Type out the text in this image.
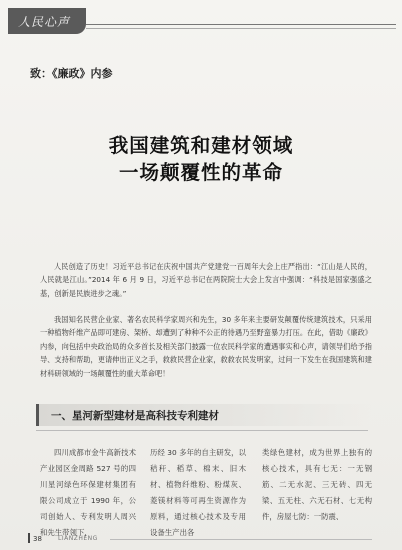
人民心声
致：《廉政》内参
我国建筑和建材领域
一场颠覆性的革命

人民创造了历史！习近平总书记在庆祝中国共产党建党一百周年大会上庄严指出：“江山是人民的，人民就是江山。”2014 年 6 月 9 日，习近平总书记在两院院士大会上发言中强调：“科技是国家强盛之基，创新是民族进步之魂。”

我国知名民营企业家、著名农民科学家周兴和先生，30 多年来主要研发颠覆传统建筑技术，只采用一种植物纤维产品即可建房、架桥、却遭到了种种不公正的待遇乃至野蛮暴力打压。在此，借助《廉政》内参，向包括中央政治局的众多首长及相关部门披露一位农民科学家的遭遇事实和心声，请领导们给予指导、支持和帮助，更请伸出正义之手，救救民营企业家，救救农民发明家，过问一下发生在我国建筑和建材科研领域的一场颠覆性的重大革命吧！

一、星河新型建材是高科技专利建材
四川成都市金牛高新技术产业园区金周路 527 号的四川星河绿色环保建材集团有限公司成立于 1990 年，公司创始人、专利发明人周兴和先生带领下，
历经 30 多年的自主研发，以秸秆、稻草、棉末、旧木材、植物纤维粉、粉煤灰、菱镁材料等可再生资源作为原料，通过核心技术及专用设备生产出各
类绿色建材，成为世界上独有的核心技术，具有七无：一无钢筋、二无水泥、三无砖、四无梁、五无柱、六无石材、七无构件，房屋七防：一防震、
38	LIANZHENG
